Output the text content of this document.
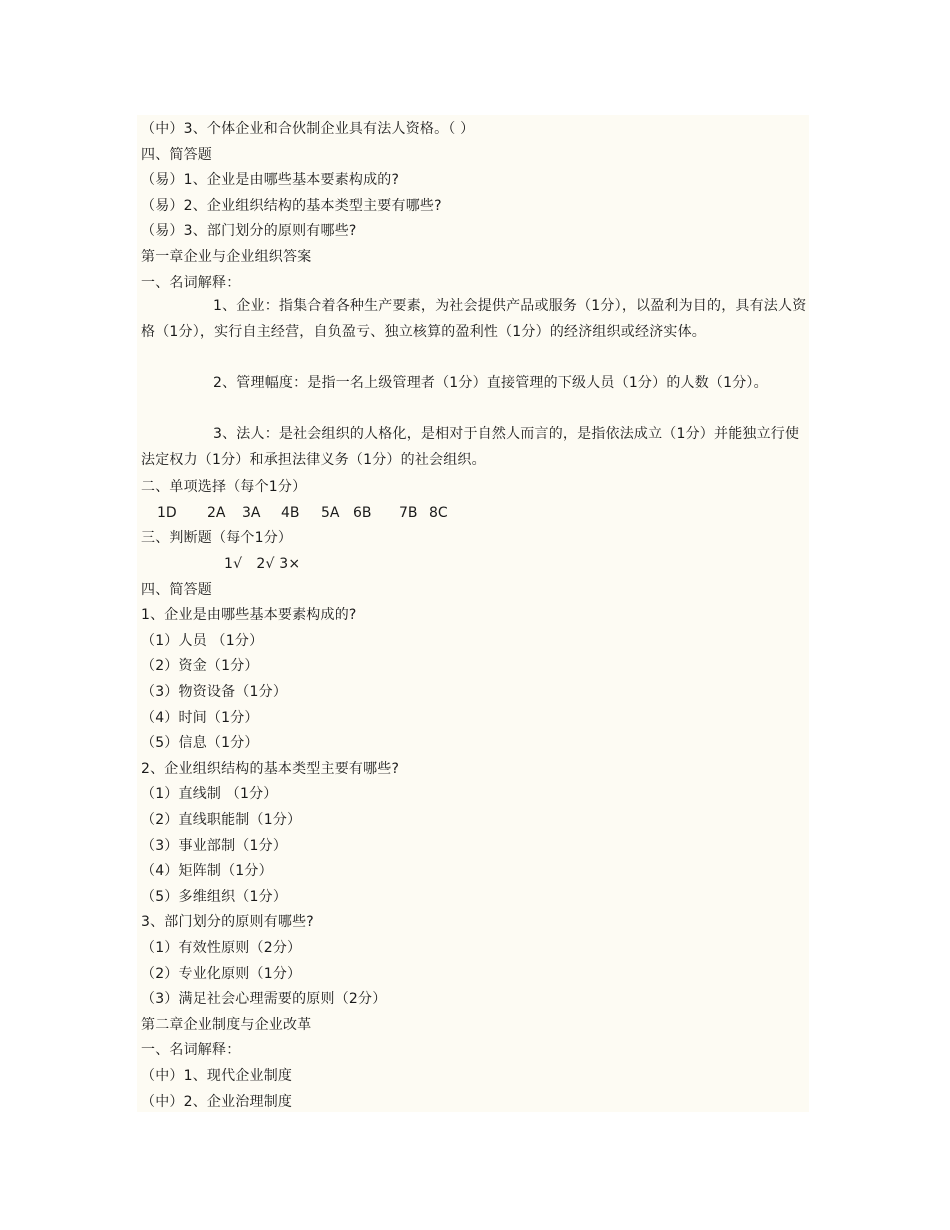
（中）3、个体企业和合伙制企业具有法人资格。（ ）
四、简答题
（易）1、企业是由哪些基本要素构成的?
（易）2、企业组织结构的基本类型主要有哪些?
（易）3、部门划分的原则有哪些?
第一章企业与企业组织答案
一、名词解释：
1、企业：指集合着各种生产要素，为社会提供产品或服务（1分），以盈利为目的，具有法人资格（1分），实行自主经营，自负盈亏、独立核算的盈利性（1分）的经济组织或经济实体。
2、管理幅度：是指一名上级管理者（1分）直接管理的下级人员（1分）的人数（1分）。
3、法人：是社会组织的人格化，是相对于自然人而言的，是指依法成立（1分）并能独立行使法定权力（1分）和承担法律义务（1分）的社会组织。
二、单项选择（每个1分）
1D 2A 3A 4B 5A 6B 7B 8C
三、判断题（每个1分）
1√　2√ 3×
四、简答题
1、企业是由哪些基本要素构成的?
（1）人员 （1分）
（2）资金（1分）
（3）物资设备（1分）
（4）时间（1分）
（5）信息（1分）
2、企业组织结构的基本类型主要有哪些?
（1）直线制 （1分）
（2）直线职能制（1分）
（3）事业部制（1分）
（4）矩阵制（1分）
（5）多维组织（1分）
3、部门划分的原则有哪些?
（1）有效性原则（2分）
（2）专业化原则（1分）
（3）满足社会心理需要的原则（2分）
第二章企业制度与企业改革
一、名词解释：
（中）1、现代企业制度
（中）2、企业治理制度
